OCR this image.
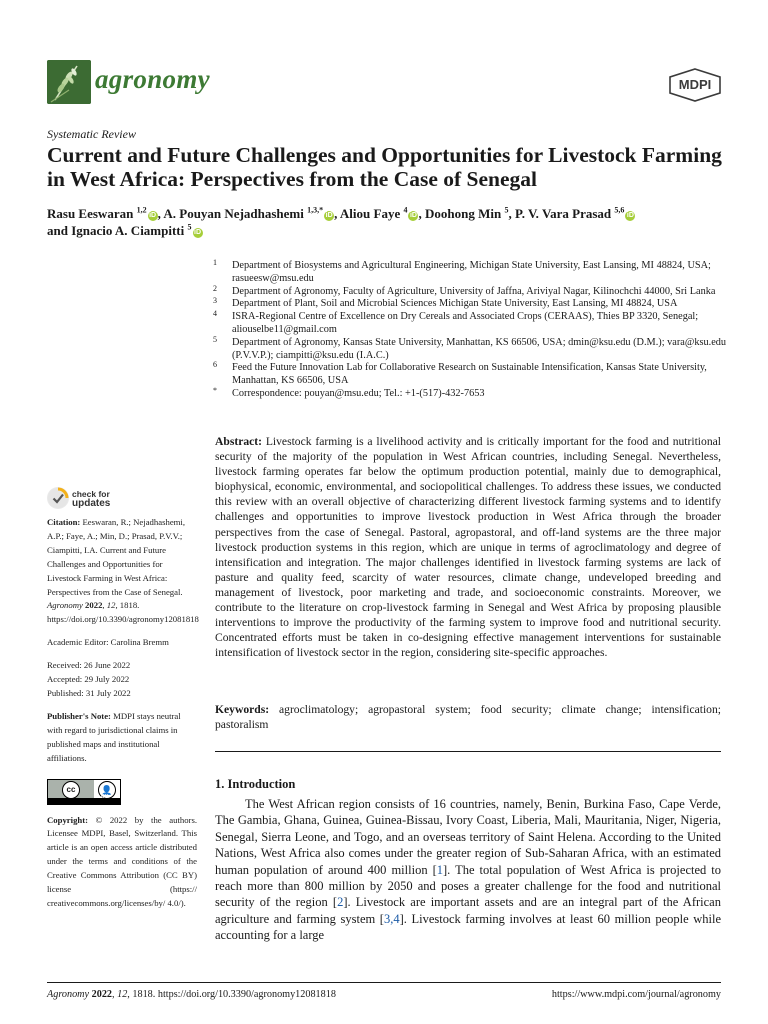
agronomy	MDPI
Systematic Review
Current and Future Challenges and Opportunities for Livestock Farming in West Africa: Perspectives from the Case of Senegal
Rasu Eeswaran $^{1,2}$iD , A. Pouyan Nejadhashemi $^{1,3,*}$iD , Aliou Faye $^4$iD , Doohong Min $^5$, P. V. Vara Prasad $^{5,6}$iD
and Ignacio A. Ciampitti $^5$iD
1 Department of Biosystems and Agricultural Engineering, Michigan State University, East Lansing, MI 48824, USA; rasueesw@msu.edu
2 Department of Agronomy, Faculty of Agriculture, University of Jaffna, Ariviyal Nagar, Kilinochchi 44000, Sri Lanka
3 Department of Plant, Soil and Microbial Sciences Michigan State University, East Lansing, MI 48824, USA
4 ISRA-Regional Centre of Excellence on Dry Cereals and Associated Crops (CERAAS), Thies BP 3320, Senegal; aliouselbe11@gmail.com
5 Department of Agronomy, Kansas State University, Manhattan, KS 66506, USA; dmin@ksu.edu (D.M.); vara@ksu.edu (P.V.V.P.); ciampitti@ksu.edu (I.A.C.)
6 Feed the Future Innovation Lab for Collaborative Research on Sustainable Intensification, Kansas State University, Manhattan, KS 66506, USA
* Correspondence: pouyan@msu.edu; Tel.: +1-(517)-432-7653

Abstract: Livestock farming is a livelihood activity and is critically important for the food and nutritional security of the majority of the population in West African countries, including Senegal. Nevertheless, livestock farming operates far below the optimum production potential, mainly due to demographical, biophysical, economic, environmental, and sociopolitical challenges. To address these issues, we conducted this review with an overall objective of characterizing different livestock farming systems and to identify challenges and opportunities to improve livestock production in West Africa through the broader perspectives from the case of Senegal. Pastoral, agropastoral, and off-land systems are the three major livestock production systems in this region, which are unique in terms of agroclimatology and degree of intensification and integration. The major challenges identified in livestock farming systems are lack of pasture and quality feed, scarcity of water resources, climate change, undeveloped breeding and management of livestock, poor marketing and trade, and socioeconomic constraints. Moreover, we contribute to the literature on crop-livestock farming in Senegal and West Africa by proposing plausible interventions to improve the productivity of the farming system to improve food and nutritional security. Concentrated efforts must be taken in co-designing effective management interventions for sustainable intensification of livestock sector in the region, considering site-specific approaches.

Keywords: agroclimatology; agropastoral system; food security; climate change; intensification; pastoralism

1. Introduction

The West African region consists of 16 countries, namely, Benin, Burkina Faso, Cape Verde, The Gambia, Ghana, Guinea, Guinea-Bissau, Ivory Coast, Liberia, Mali, Mauritania, Niger, Nigeria, Senegal, Sierra Leone, and Togo, and an overseas territory of Saint Helena. According to the United Nations, West Africa also comes under the greater region of Sub-Saharan Africa, with an estimated human population of around 400 million [1]. The total population of West Africa is projected to reach more than 800 million by 2050 and poses a greater challenge for the food and nutritional security of the region [2]. Livestock are important assets and are an integral part of the African agriculture and farming system [3,4]. Livestock farming involves at least 60 million people while accounting for a large

check for
updates

Citation: Eeswaran, R.; Nejadhashemi, A.P.; Faye, A.; Min, D.; Prasad, P.V.V.; Ciampitti, I.A. Current and Future Challenges and Opportunities for Livestock Farming in West Africa: Perspectives from the Case of Senegal. Agronomy 2022, 12, 1818. https://doi.org/10.3390/agronomy12081818

Academic Editor: Carolina Bremm

Received: 26 June 2022

Accepted: 29 July 2022

Published: 31 July 2022

Publisher's Note: MDPI stays neutral with regard to jurisdictional claims in published maps and institutional affiliations.

cc	👤
BY

Copyright: © 2022 by the authors. Licensee MDPI, Basel, Switzerland. This article is an open access article distributed under the terms and conditions of the Creative Commons Attribution (CC BY) license (https:// creativecommons.org/licenses/by/ 4.0/).

Agronomy 2022, 12, 1818. https://doi.org/10.3390/agronomy12081818	https://www.mdpi.com/journal/agronomy
